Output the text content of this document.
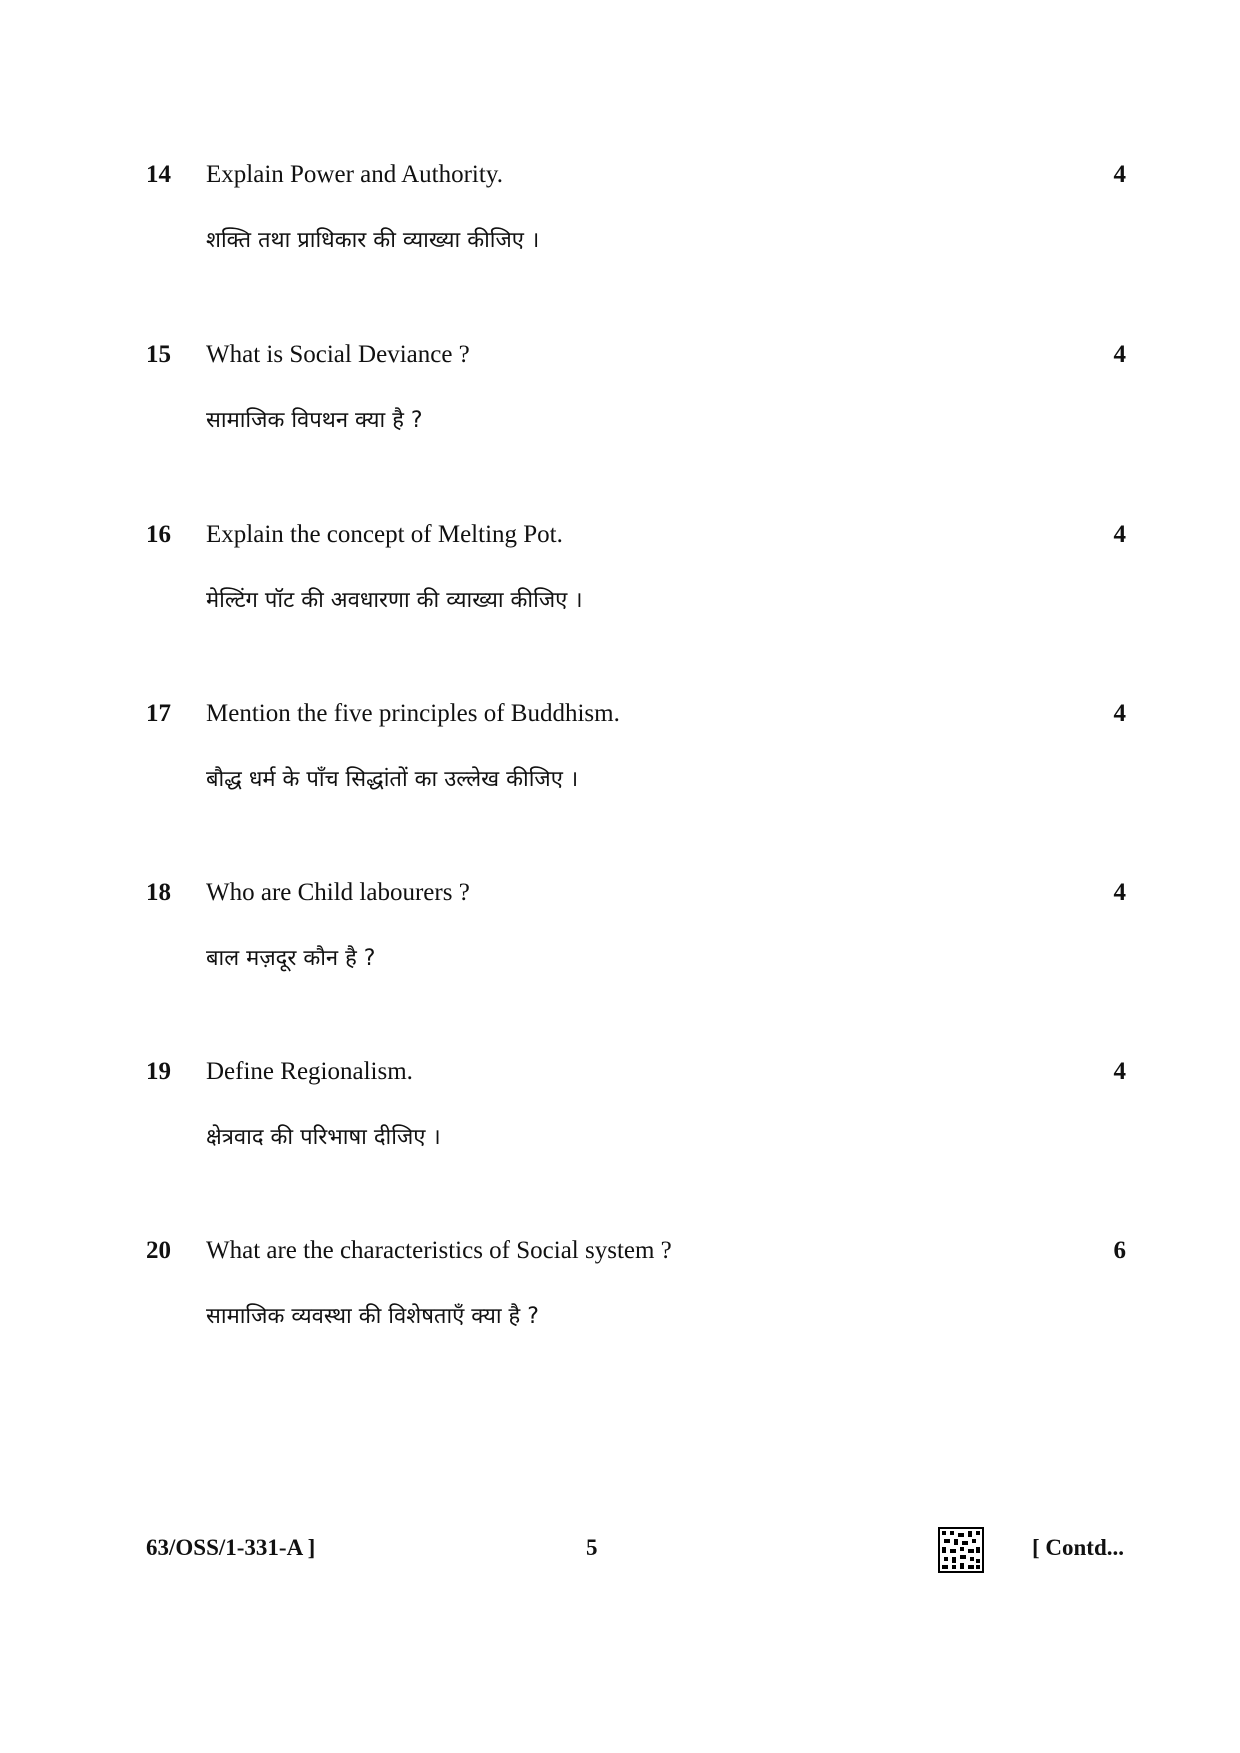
14 Explain Power and Authority.	4
शक्ति तथा प्राधिकार की व्याख्या कीजिए ।
15 What is Social Deviance ?	4
सामाजिक विपथन क्या है ?
16 Explain the concept of Melting Pot.	4
मेल्टिंग पॉट की अवधारणा की व्याख्या कीजिए ।
17 Mention the five principles of Buddhism.	4
बौद्ध धर्म के पाँच सिद्धांतों का उल्लेख कीजिए ।
18 Who are Child labourers ?	4
बाल मज़दूर कौन है ?
19 Define Regionalism.	4
क्षेत्रवाद की परिभाषा दीजिए ।
20 What are the characteristics of Social system ?	6
सामाजिक व्यवस्था की विशेषताएँ क्या है ?
63/OSS/1-331-A ]	5	[ Contd...
